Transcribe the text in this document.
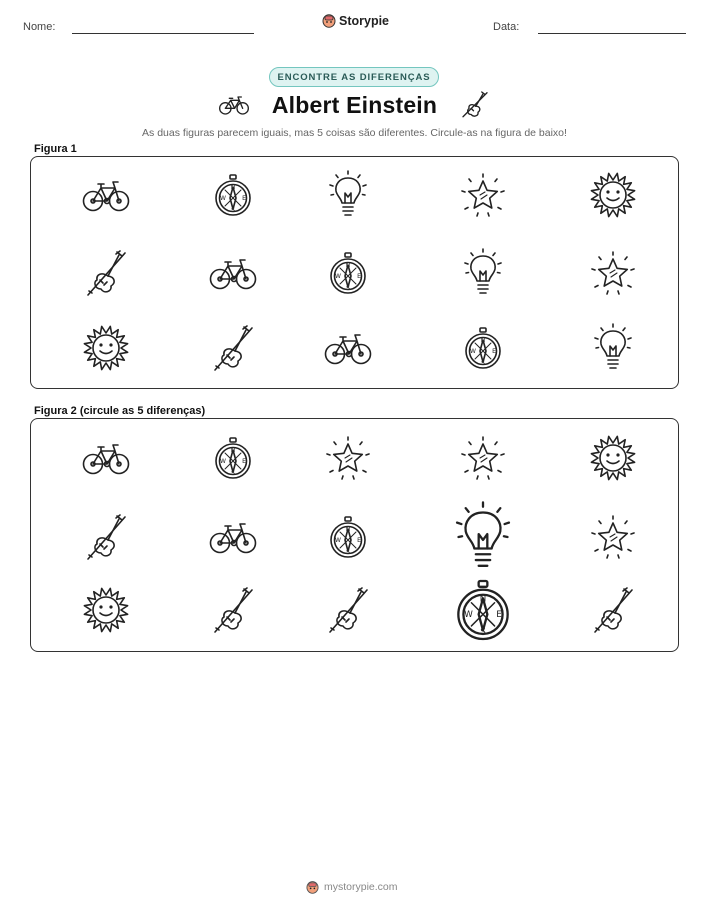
Nome:	Storypie	Data:
ENCONTRE AS DIFERENÇAS
Albert Einstein
As duas figuras parecem iguais, mas 5 coisas são diferentes. Circule-as na figura de baixo!
Figura 1
N
S
W	E
N
S
W	E
N
S
W	E
Figura 2 (circule as 5 diferenças)
N
S
W	E
N
S
W	E
N
S
W	E
mystorypie.com
